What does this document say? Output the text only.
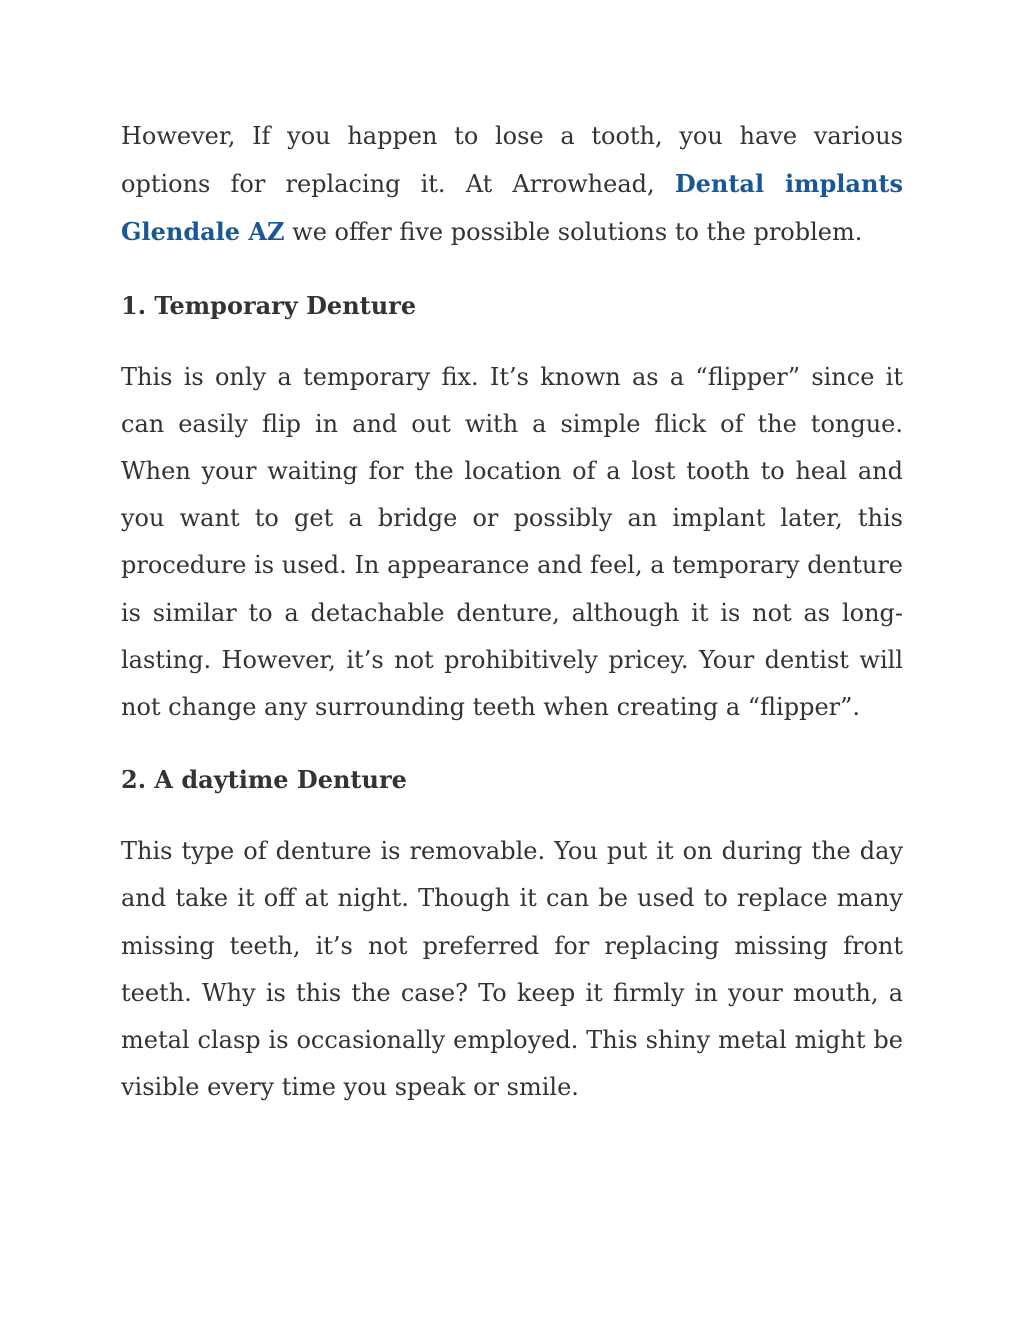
However, If you happen to lose a tooth, you have various options for replacing it. At Arrowhead, Dental implants Glendale AZ we offer five possible solutions to the problem.

1. Temporary Denture

This is only a temporary fix. It’s known as a “flipper” since it can easily flip in and out with a simple flick of the tongue. When your waiting for the location of a lost tooth to heal and you want to get a bridge or possibly an implant later, this procedure is used. In appearance and feel, a temporary denture is similar to a detachable denture, although it is not as long-lasting. However, it’s not prohibitively pricey. Your dentist will not change any surrounding teeth when creating a “flipper”.

2. A daytime Denture

This type of denture is removable. You put it on during the day and take it off at night. Though it can be used to replace many missing teeth, it’s not preferred for replacing missing front teeth. Why is this the case? To keep it firmly in your mouth, a metal clasp is occasionally employed. This shiny metal might be visible every time you speak or smile.
